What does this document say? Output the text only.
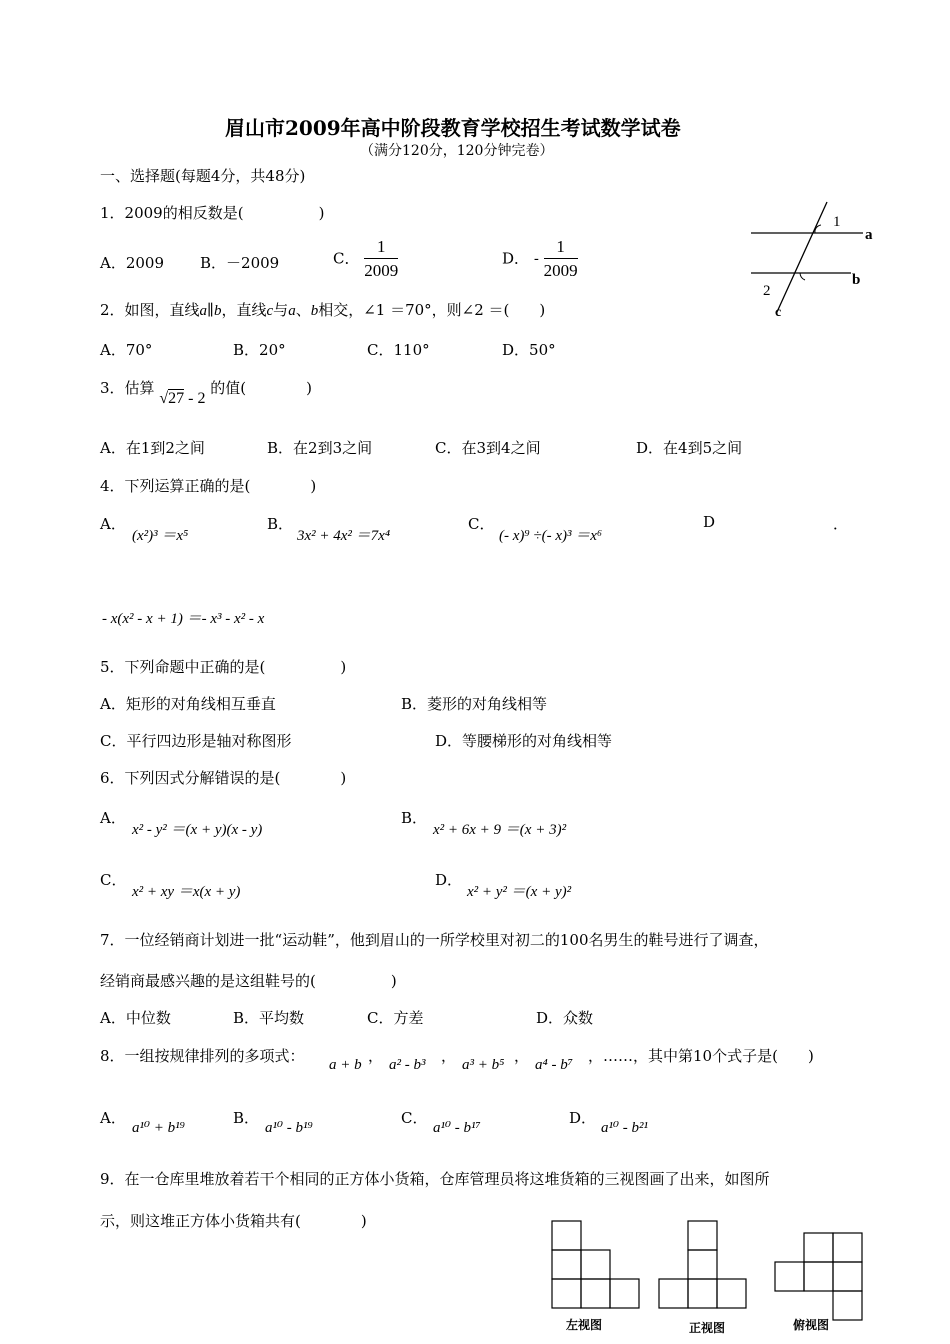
眉山市2009年高中阶段教育学校招生考试数学试卷
（满分120分，120分钟完卷）
一、选择题(每题4分，共48分)
1．2009的相反数是(　　　　　)
A．2009 B．－2009	C． $\frac{1}{2009}$	D． - $\frac{1}{2009}$
1
2
a
b
c
2．如图，直线a∥b，直线c与a、b相交，∠1 ＝70°，则∠2 ＝(　　)
A．70°	B．20°	C．110°	D．50°
3．估算 √27 - 2 的值(　　　　)
A．在1到2之间	B．在2到3之间	C．在3到4之间	D．在4到5之间
4．下列运算正确的是(　　　　)
A．
(x²)³ ＝x⁵
B．
3x² + 4x² ＝7x⁴
C．
(- x)⁹ ÷(- x)³ ＝x⁶
D	．
- x(x² - x + 1) ＝- x³ - x² - x
5．下列命题中正确的是(　　　　　)
A．矩形的对角线相互垂直	B．菱形的对角线相等
C．平行四边形是轴对称图形	D．等腰梯形的对角线相等
6．下列因式分解错误的是(　　　　)
A．
x² - y² ＝(x + y)(x - y)
B．
x² + 6x + 9 ＝(x + 3)²
C．
x² + xy ＝x(x + y)
D．
x² + y² ＝(x + y)²
7．一位经销商计划进一批“运动鞋”，他到眉山的一所学校里对初二的100名男生的鞋号进行了调查，
经销商最感兴趣的是这组鞋号的(　　　　　)
A．中位数	B．平均数	C．方差	D．众数
8．一组按规律排列的多项式： a + b ， a² - b³ ， a³ + b⁵ ， a⁴ - b⁷ ，……，其中第10个式子是(　　)
A．
a¹⁰ + b¹⁹
B．
a¹⁰ - b¹⁹
C．
a¹⁰ - b¹⁷
D．
a¹⁰ - b²¹
9．在一仓库里堆放着若干个相同的正方体小货箱，仓库管理员将这堆货箱的三视图画了出来，如图所
示，则这堆正方体小货箱共有(　　　　)
左视图	正视图	俯视图
